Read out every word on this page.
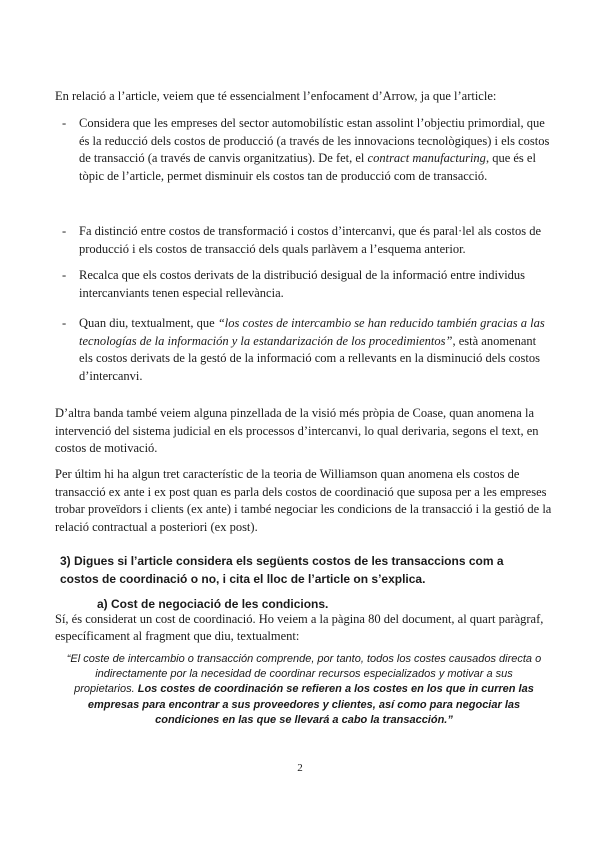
En relació a l’article, veiem que té essencialment l’enfocament d’Arrow, ja que l’article:

- Considera que les empreses del sector automobilístic estan assolint l’objectiu primordial, que és la reducció dels costos de producció (a través de les innovacions tecnològiques) i els costos de transacció (a través de canvis organitzatius). De fet, el contract manufacturing, que és el tòpic de l’article, permet disminuir els costos tan de producció com de transacció.
- Fa distinció entre costos de transformació i costos d’intercanvi, que és paral·lel als costos de producció i els costos de transacció dels quals parlàvem a l’esquema anterior.
- Recalca que els costos derivats de la distribució desigual de la informació entre individus intercanviants tenen especial rellevància.
- Quan diu, textualment, que “los costes de intercambio se han reducido también gracias a las tecnologías de la información y la estandarización de los procedimientos”, està anomenant els costos derivats de la gestó de la informació com a rellevants en la disminució dels costos d’intercanvi.

D’altra banda també veiem alguna pinzellada de la visió més pròpia de Coase, quan anomena la intervenció del sistema judicial en els processos d’intercanvi, lo qual derivaria, segons el text, en costos de motivació.

Per últim hi ha algun tret característic de la teoria de Williamson quan anomena els costos de transacció ex ante i ex post quan es parla dels costos de coordinació que suposa per a les empreses trobar proveïdors i clients (ex ante) i també negociar les condicions de la transacció i la gestió de la relació contractual a posteriori (ex post).

3) Digues si l’article considera els següents costos de les transaccions com a costos de coordinació o no, i cita el lloc de l’article on s’explica.

a) Cost de negociació de les condicions.

Sí, és considerat un cost de coordinació. Ho veiem a la pàgina 80 del document, al quart paràgraf, específicament al fragment que diu, textualment:

“El coste de intercambio o transacción comprende, por tanto, todos los costes causados directa o indirectamente por la necesidad de coordinar recursos especializados y motivar a sus propietarios. Los costes de coordinación se refieren a los costes en los que in curren las empresas para encontrar a sus proveedores y clientes, así como para negociar las condiciones en las que se llevará a cabo la transacción.”

2
